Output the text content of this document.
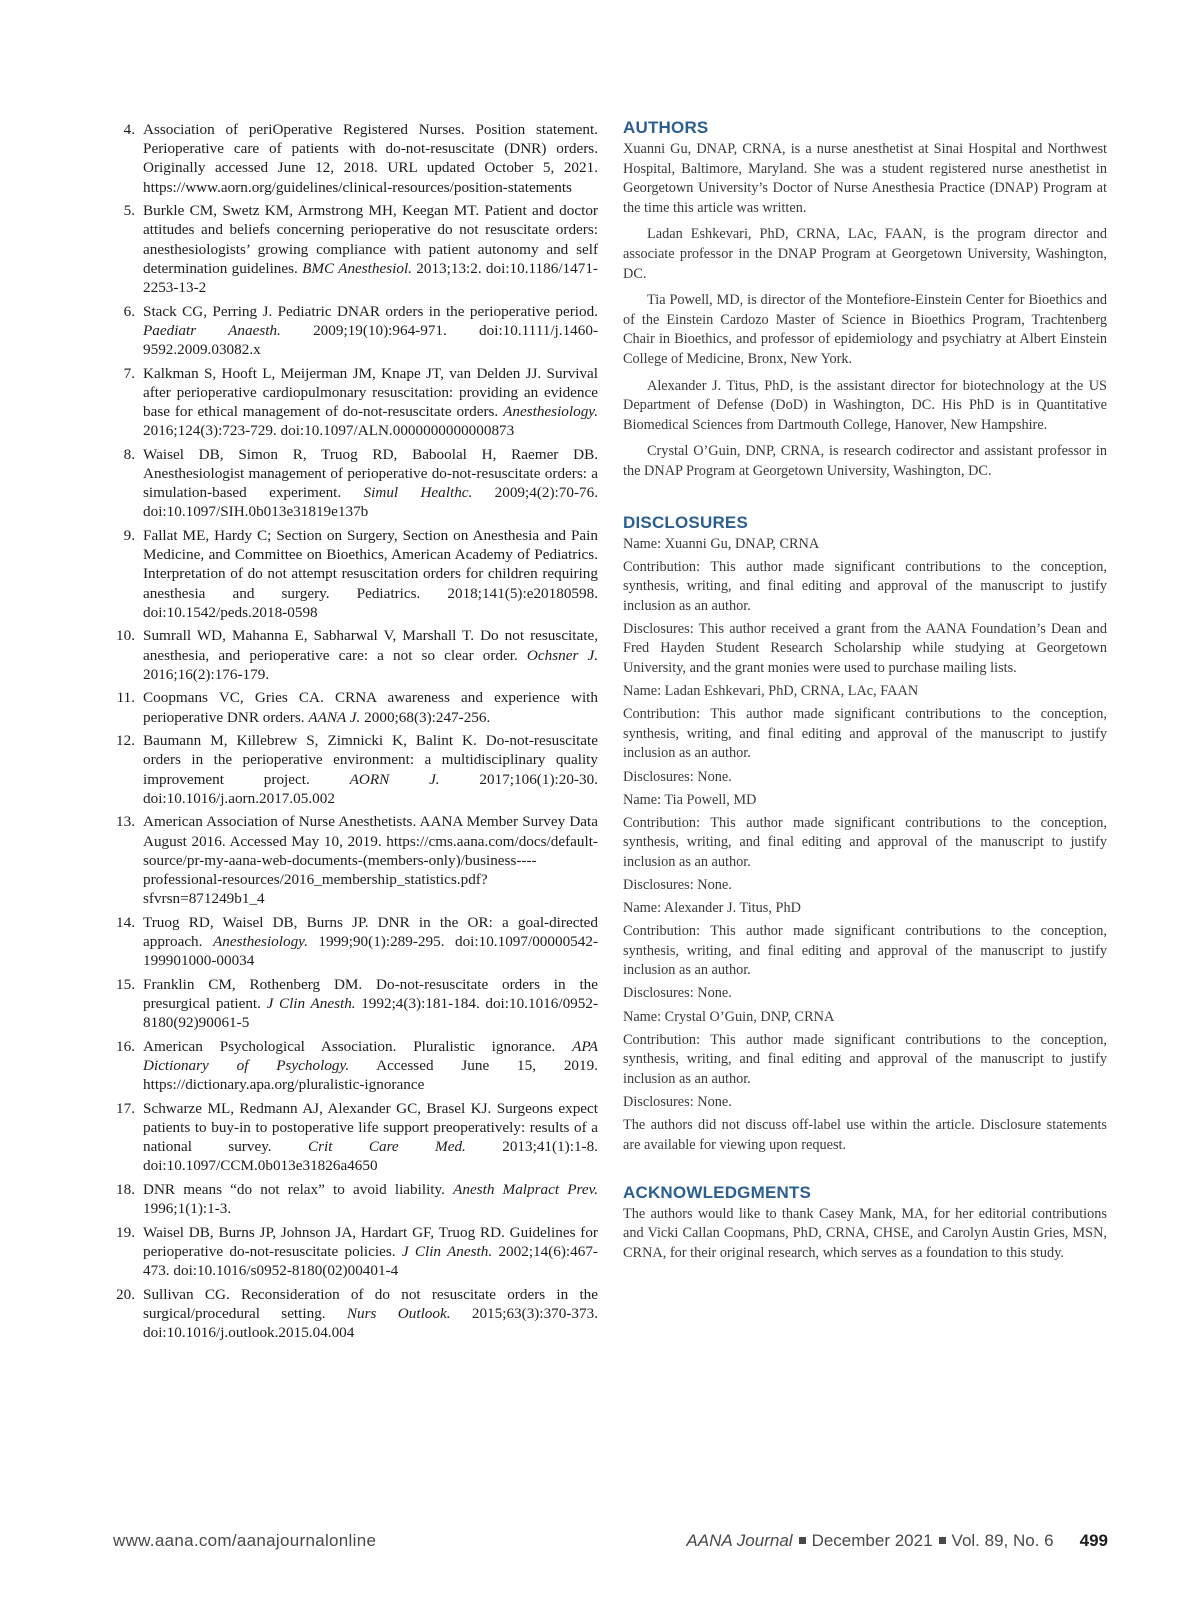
4. Association of periOperative Registered Nurses. Position statement. Perioperative care of patients with do-not-resuscitate (DNR) orders. Originally accessed June 12, 2018. URL updated October 5, 2021. https://www.aorn.org/guidelines/clinical-resources/position-statements
5. Burkle CM, Swetz KM, Armstrong MH, Keegan MT. Patient and doctor attitudes and beliefs concerning perioperative do not resuscitate orders: anesthesiologists’ growing compliance with patient autonomy and self determination guidelines. BMC Anesthesiol. 2013;13:2. doi:10.1186/1471-2253-13-2
6. Stack CG, Perring J. Pediatric DNAR orders in the perioperative period. Paediatr Anaesth. 2009;19(10):964-971. doi:10.1111/j.1460-9592.2009.03082.x
7. Kalkman S, Hooft L, Meijerman JM, Knape JT, van Delden JJ. Survival after perioperative cardiopulmonary resuscitation: providing an evidence base for ethical management of do-not-resuscitate orders. Anesthesiology. 2016;124(3):723-729. doi:10.1097/ALN.0000000000000873
8. Waisel DB, Simon R, Truog RD, Baboolal H, Raemer DB. Anesthesiologist management of perioperative do-not-resuscitate orders: a simulation-based experiment. Simul Healthc. 2009;4(2):70-76. doi:10.1097/SIH.0b013e31819e137b
9. Fallat ME, Hardy C; Section on Surgery, Section on Anesthesia and Pain Medicine, and Committee on Bioethics, American Academy of Pediatrics. Interpretation of do not attempt resuscitation orders for children requiring anesthesia and surgery. Pediatrics. 2018;141(5):e20180598. doi:10.1542/peds.2018-0598
10. Sumrall WD, Mahanna E, Sabharwal V, Marshall T. Do not resuscitate, anesthesia, and perioperative care: a not so clear order. Ochsner J. 2016;16(2):176-179.
11. Coopmans VC, Gries CA. CRNA awareness and experience with perioperative DNR orders. AANA J. 2000;68(3):247-256.
12. Baumann M, Killebrew S, Zimnicki K, Balint K. Do-not-resuscitate orders in the perioperative environment: a multidisciplinary quality improvement project. AORN J. 2017;106(1):20-30. doi:10.1016/j.aorn.2017.05.002
13. American Association of Nurse Anesthetists. AANA Member Survey Data August 2016. Accessed May 10, 2019. https://cms.aana.com/docs/default-source/pr-my-aana-web-documents-(members-only)/business----professional-resources/2016_membership_statistics.pdf?sfvrsn=871249b1_4
14. Truog RD, Waisel DB, Burns JP. DNR in the OR: a goal-directed approach. Anesthesiology. 1999;90(1):289-295. doi:10.1097/00000542-199901000-00034
15. Franklin CM, Rothenberg DM. Do-not-resuscitate orders in the presurgical patient. J Clin Anesth. 1992;4(3):181-184. doi:10.1016/0952-8180(92)90061-5
16. American Psychological Association. Pluralistic ignorance. APA Dictionary of Psychology. Accessed June 15, 2019. https://dictionary.apa.org/pluralistic-ignorance
17. Schwarze ML, Redmann AJ, Alexander GC, Brasel KJ. Surgeons expect patients to buy-in to postoperative life support preoperatively: results of a national survey. Crit Care Med. 2013;41(1):1-8. doi:10.1097/CCM.0b013e31826a4650
18. DNR means “do not relax” to avoid liability. Anesth Malpract Prev. 1996;1(1):1-3.
19. Waisel DB, Burns JP, Johnson JA, Hardart GF, Truog RD. Guidelines for perioperative do-not-resuscitate policies. J Clin Anesth. 2002;14(6):467-473. doi:10.1016/s0952-8180(02)00401-4
20. Sullivan CG. Reconsideration of do not resuscitate orders in the surgical/procedural setting. Nurs Outlook. 2015;63(3):370-373. doi:10.1016/j.outlook.2015.04.004
AUTHORS

Xuanni Gu, DNAP, CRNA, is a nurse anesthetist at Sinai Hospital and Northwest Hospital, Baltimore, Maryland. She was a student registered nurse anesthetist in Georgetown University’s Doctor of Nurse Anesthesia Practice (DNAP) Program at the time this article was written.

Ladan Eshkevari, PhD, CRNA, LAc, FAAN, is the program director and associate professor in the DNAP Program at Georgetown University, Washington, DC.

Tia Powell, MD, is director of the Montefiore-Einstein Center for Bioethics and of the Einstein Cardozo Master of Science in Bioethics Program, Trachtenberg Chair in Bioethics, and professor of epidemiology and psychiatry at Albert Einstein College of Medicine, Bronx, New York.

Alexander J. Titus, PhD, is the assistant director for biotechnology at the US Department of Defense (DoD) in Washington, DC. His PhD is in Quantitative Biomedical Sciences from Dartmouth College, Hanover, New Hampshire.

Crystal O’Guin, DNP, CRNA, is research codirector and assistant professor in the DNAP Program at Georgetown University, Washington, DC.

DISCLOSURES

Name: Xuanni Gu, DNAP, CRNA

Contribution: This author made significant contributions to the conception, synthesis, writing, and final editing and approval of the manuscript to justify inclusion as an author.

Disclosures: This author received a grant from the AANA Foundation’s Dean and Fred Hayden Student Research Scholarship while studying at Georgetown University, and the grant monies were used to purchase mailing lists.

Name: Ladan Eshkevari, PhD, CRNA, LAc, FAAN

Contribution: This author made significant contributions to the conception, synthesis, writing, and final editing and approval of the manuscript to justify inclusion as an author.

Disclosures: None.

Name: Tia Powell, MD

Contribution: This author made significant contributions to the conception, synthesis, writing, and final editing and approval of the manuscript to justify inclusion as an author.

Disclosures: None.

Name: Alexander J. Titus, PhD

Contribution: This author made significant contributions to the conception, synthesis, writing, and final editing and approval of the manuscript to justify inclusion as an author.

Disclosures: None.

Name: Crystal O’Guin, DNP, CRNA

Contribution: This author made significant contributions to the conception, synthesis, writing, and final editing and approval of the manuscript to justify inclusion as an author.

Disclosures: None.

The authors did not discuss off-label use within the article. Disclosure statements are available for viewing upon request.

ACKNOWLEDGMENTS

The authors would like to thank Casey Mank, MA, for her editorial contributions and Vicki Callan Coopmans, PhD, CRNA, CHSE, and Carolyn Austin Gries, MSN, CRNA, for their original research, which serves as a foundation to this study.

www.aana.com/aanajournalonline	AANA Journal December 2021 Vol. 89, No. 6 499
